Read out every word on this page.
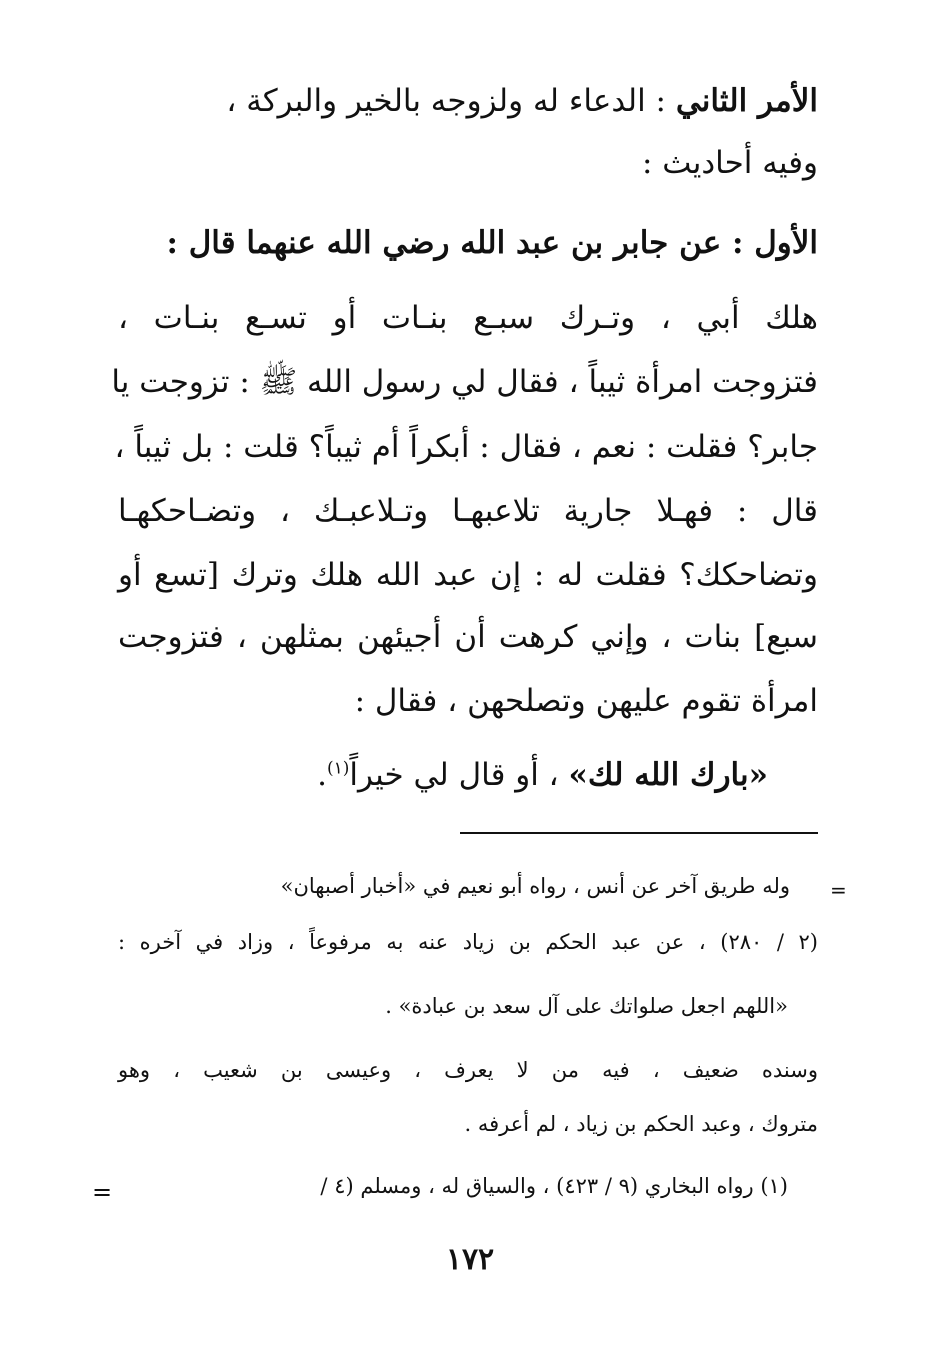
الأمر الثاني : الدعاء له ولزوجه بالخير والبركة ،
وفيه أحاديث :
الأول : عن جابر بن عبد الله رضي الله عنهما قال :
هلك أبي ، وتـرك سبـع بنـات أو تسـع بنـات ،
فتزوجت امرأة ثيباً ، فقال لي رسول الله ﷺ : تزوجت يا
جابر؟ فقلت : نعم ، فقال : أبكراً أم ثيباً؟ قلت : بل ثيباً ،
قال : فهـلا جارية تلاعبهـا وتـلاعبـك ، وتضـاحكهـا
وتضاحكك؟ فقلت له : إن عبد الله هلك وترك [تسع أو
سبع] بنات ، وإني كرهت أن أجيئهن بمثلهن ، فتزوجت
امرأة تقوم عليهن وتصلحهن ، فقال :
«بارك الله لك» ، أو قال لي خيراً$^{(١)}$.
=
وله طريق آخر عن أنس ، رواه أبو نعيم في «أخبار أصبهان»
(٢ / ٢٨٠) ، عن عبد الحكم بن زياد عنه به مرفوعاً ، وزاد في آخره :
«اللهم اجعل صلواتك على آل سعد بن عبادة» .
وسنده ضعيف ، فيه من لا يعرف ، وعيسى بن شعيب ، وهو
متروك ، وعبد الحكم بن زياد ، لم أعرفه .
(١) رواه البخاري (٩ / ٤٢٣) ، والسياق له ، ومسلم (٤ /
=
١٧٢
